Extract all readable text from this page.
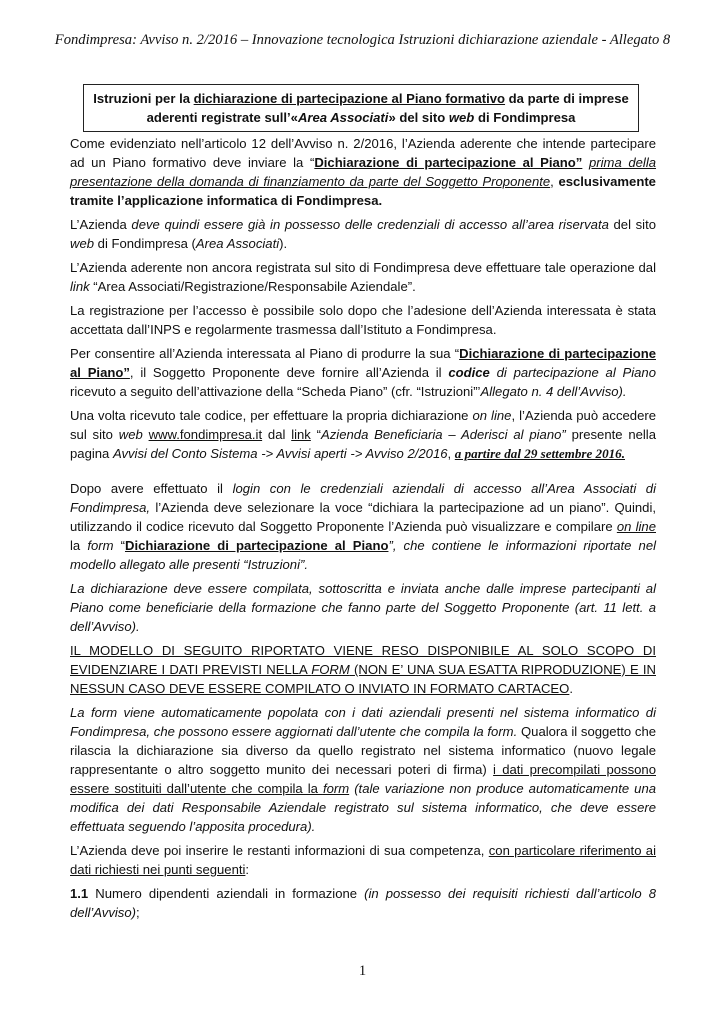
Fondimpresa: Avviso n. 2/2016 – Innovazione tecnologica Istruzioni dichiarazione aziendale - Allegato 8
Istruzioni per la dichiarazione di partecipazione al Piano formativo da parte di imprese aderenti registrate sull’«Area Associati» del sito web di Fondimpresa

Come evidenziato nell’articolo 12 dell’Avviso n. 2/2016, l’Azienda aderente che intende partecipare ad un Piano formativo deve inviare la “Dichiarazione di partecipazione al Piano” prima della presentazione della domanda di finanziamento da parte del Soggetto Proponente, esclusivamente tramite l’applicazione informatica di Fondimpresa.

L’Azienda deve quindi essere già in possesso delle credenziali di accesso all’area riservata del sito web di Fondimpresa (Area Associati).

L’Azienda aderente non ancora registrata sul sito di Fondimpresa deve effettuare tale operazione dal link “Area Associati/Registrazione/Responsabile Aziendale”.

La registrazione per l’accesso è possibile solo dopo che l’adesione dell’Azienda interessata è stata accettata dall’INPS e regolarmente trasmessa dall’Istituto a Fondimpresa.

Per consentire all’Azienda interessata al Piano di produrre la sua “Dichiarazione di partecipazione al Piano”, il Soggetto Proponente deve fornire all’Azienda il codice di partecipazione al Piano ricevuto a seguito dell’attivazione della “Scheda Piano” (cfr. “Istruzioni”’Allegato n. 4 dell’Avviso).

Una volta ricevuto tale codice, per effettuare la propria dichiarazione on line, l’Azienda può accedere sul sito web www.fondimpresa.it dal link “Azienda Beneficiaria – Aderisci al piano” presente nella pagina Avvisi del Conto Sistema -> Avvisi aperti -> Avviso 2/2016, a partire dal 29 settembre 2016.

Dopo avere effettuato il login con le credenziali aziendali di accesso all’Area Associati di Fondimpresa, l’Azienda deve selezionare la voce “dichiara la partecipazione ad un piano”. Quindi, utilizzando il codice ricevuto dal Soggetto Proponente l’Azienda può visualizzare e compilare on line la form “Dichiarazione di partecipazione al Piano”, che contiene le informazioni riportate nel modello allegato alle presenti “Istruzioni”.

La dichiarazione deve essere compilata, sottoscritta e inviata anche dalle imprese partecipanti al Piano come beneficiarie della formazione che fanno parte del Soggetto Proponente (art. 11 lett. a dell’Avviso).

IL MODELLO DI SEGUITO RIPORTATO VIENE RESO DISPONIBILE AL SOLO SCOPO DI EVIDENZIARE I DATI PREVISTI NELLA FORM (NON E’ UNA SUA ESATTA RIPRODUZIONE) E IN NESSUN CASO DEVE ESSERE COMPILATO O INVIATO IN FORMATO CARTACEO.

La form viene automaticamente popolata con i dati aziendali presenti nel sistema informatico di Fondimpresa, che possono essere aggiornati dall’utente che compila la form. Qualora il soggetto che rilascia la dichiarazione sia diverso da quello registrato nel sistema informatico (nuovo legale rappresentante o altro soggetto munito dei necessari poteri di firma) i dati precompilati possono essere sostituiti dall’utente che compila la form (tale variazione non produce automaticamente una modifica dei dati Responsabile Aziendale registrato sul sistema informatico, che deve essere effettuata seguendo l’apposita procedura).

L’Azienda deve poi inserire le restanti informazioni di sua competenza, con particolare riferimento ai dati richiesti nei punti seguenti:

1.1 Numero dipendenti aziendali in formazione (in possesso dei requisiti richiesti dall’articolo 8 dell’Avviso);

1
